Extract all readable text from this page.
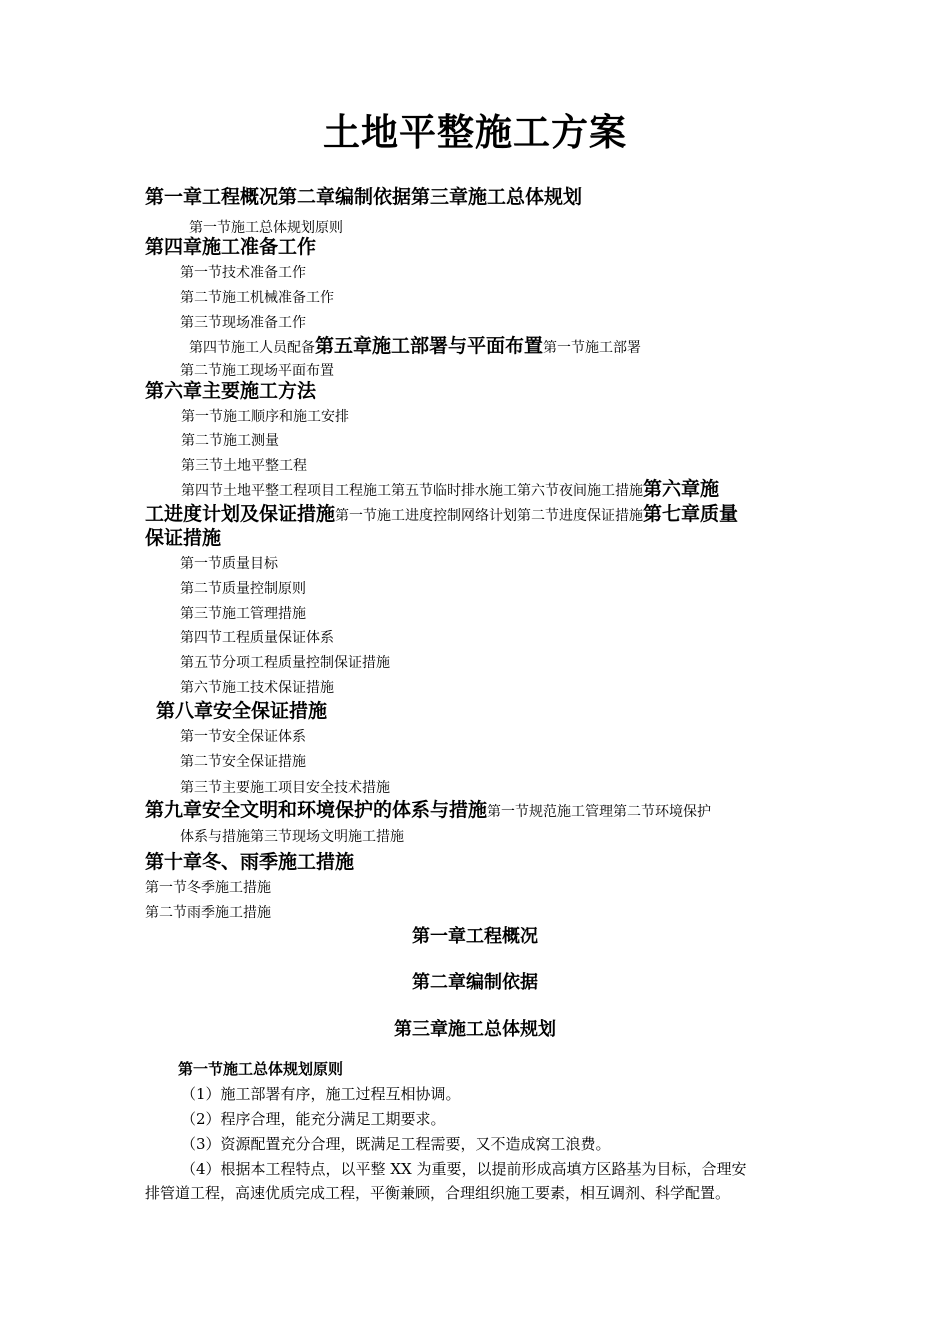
土地平整施工方案
第一章工程概况第二章编制依据第三章施工总体规划
第一节施工总体规划原则
第四章施工准备工作
第一节技术准备工作
第二节施工机械准备工作
第三节现场准备工作
第四节施工人员配备第五章施工部署与平面布置第一节施工部署
第二节施工现场平面布置
第六章主要施工方法
第一节施工顺序和施工安排
第二节施工测量
第三节土地平整工程
第四节土地平整工程项目工程施工第五节临时排水施工第六节夜间施工措施第六章施
工进度计划及保证措施第一节施工进度控制网络计划第二节进度保证措施第七章质量
保证措施
第一节质量目标
第二节质量控制原则
第三节施工管理措施
第四节工程质量保证体系
第五节分项工程质量控制保证措施
第六节施工技术保证措施
第八章安全保证措施
第一节安全保证体系
第二节安全保证措施
第三节主要施工项目安全技术措施
第九章安全文明和环境保护的体系与措施第一节规范施工管理第二节环境保护
体系与措施第三节现场文明施工措施
第十章冬、雨季施工措施
第一节冬季施工措施
第二节雨季施工措施
第一章工程概况
第二章编制依据
第三章施工总体规划
第一节施工总体规划原则
（1）施工部署有序，施工过程互相协调。
（2）程序合理，能充分满足工期要求。
（3）资源配置充分合理，既满足工程需要，又不造成窝工浪费。
（4）根据本工程特点，以平整 XX 为重要，以提前形成高填方区路基为目标，合理安
排管道工程，高速优质完成工程，平衡兼顾，合理组织施工要素，相互调剂、科学配置。
